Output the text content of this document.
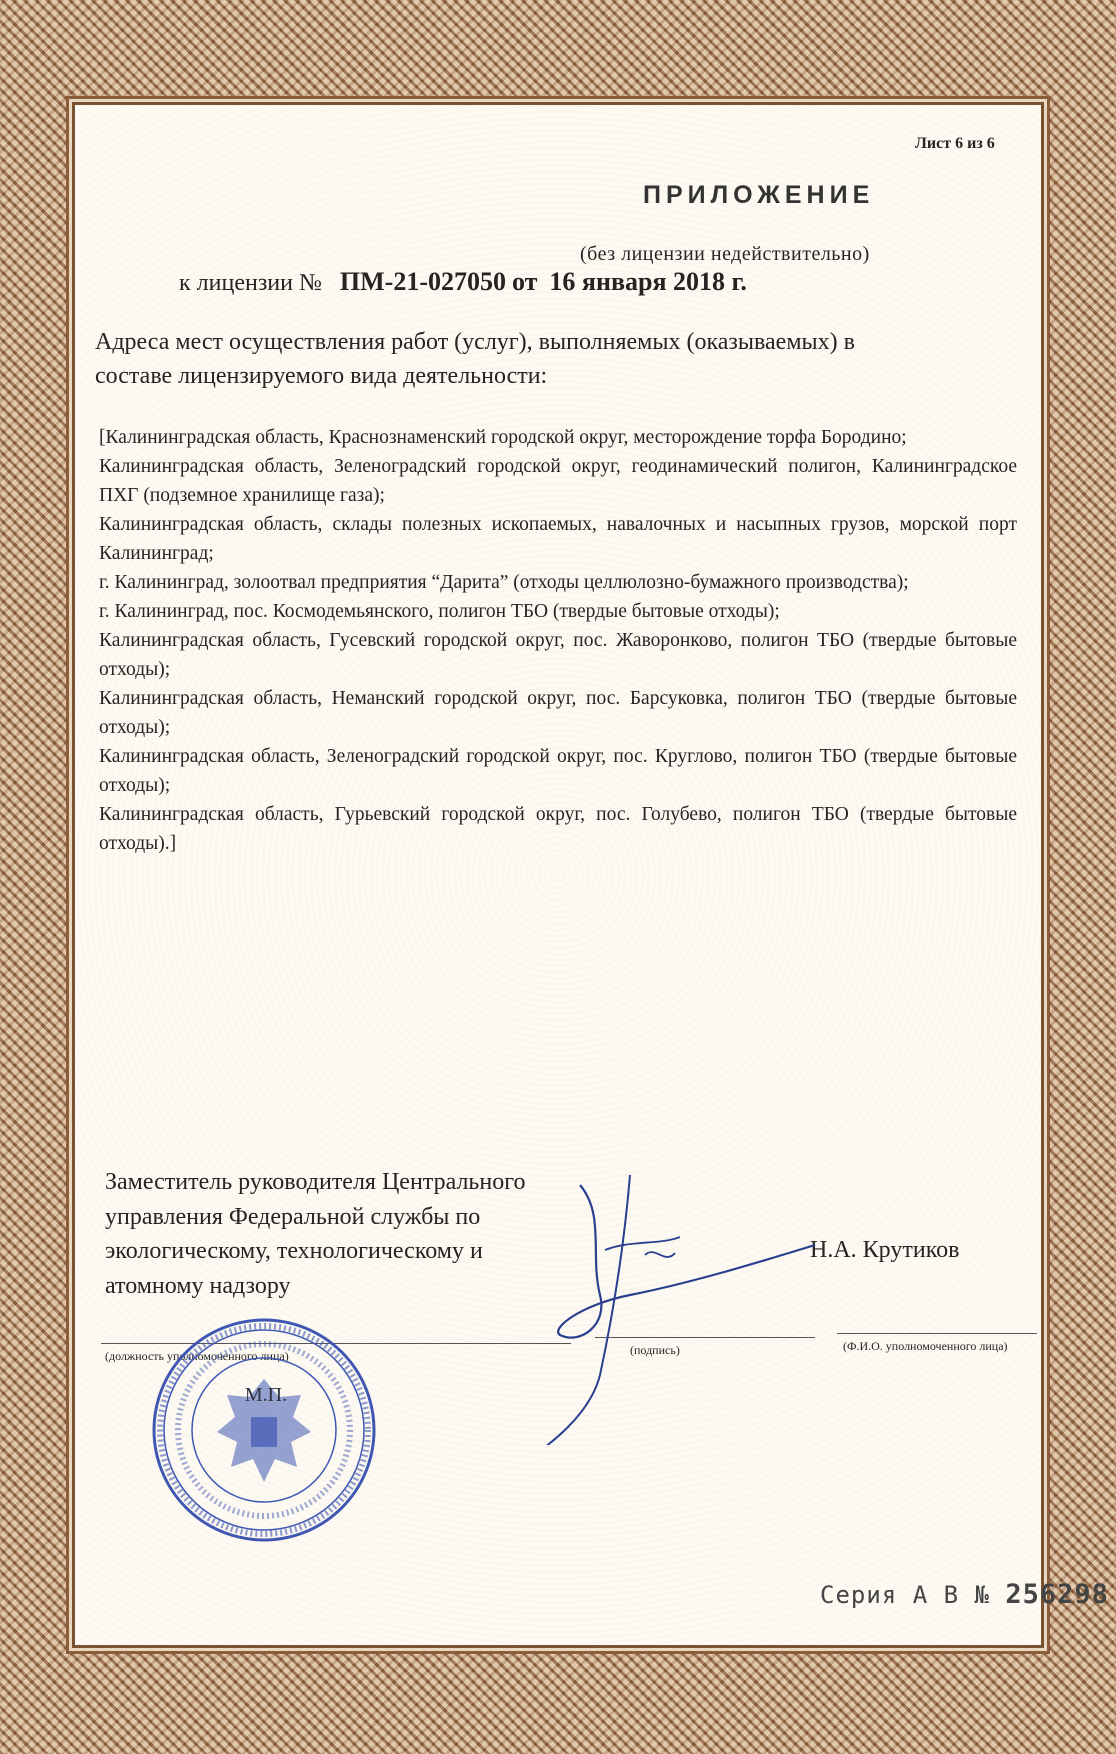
Лист 6 из 6
ПРИЛОЖЕНИЕ
(без лицензии недействительно)
к лицензии № ПМ-21-027050 от 16 января 2018 г.
Адреса мест осуществления работ (услуг), выполняемых (оказываемых) в составе лицензируемого вида деятельности:
[Калининградская область, Краснознаменский городской округ, месторождение торфа Бородино;
Калининградская область, Зеленоградский городской округ, геодинамический полигон, Калининградское ПХГ (подземное хранилище газа);
Калининградская область, склады полезных ископаемых, навалочных и насыпных грузов, морской порт Калининград;
г. Калининград, золоотвал предприятия “Дарита” (отходы целлюлозно-бумажного производства);
г. Калининград, пос. Космодемьянского, полигон ТБО (твердые бытовые отходы);
Калининградская область, Гусевский городской округ, пос. Жаворонково, полигон ТБО (твердые бытовые отходы);
Калининградская область, Неманский городской округ, пос. Барсуковка, полигон ТБО (твердые бытовые отходы);
Калининградская область, Зеленоградский городской округ, пос. Круглово, полигон ТБО (твердые бытовые отходы);
Калининградская область, Гурьевский городской округ, пос. Голубево, полигон ТБО (твердые бытовые отходы).]
Заместитель руководителя Центрального управления Федеральной службы по экологическому, технологическому и атомному надзору
(должность уполномоченного лица)	(подпись)	(Ф.И.О. уполномоченного лица)
Н.А. Крутиков
М.П.
Серия А В № 256298
